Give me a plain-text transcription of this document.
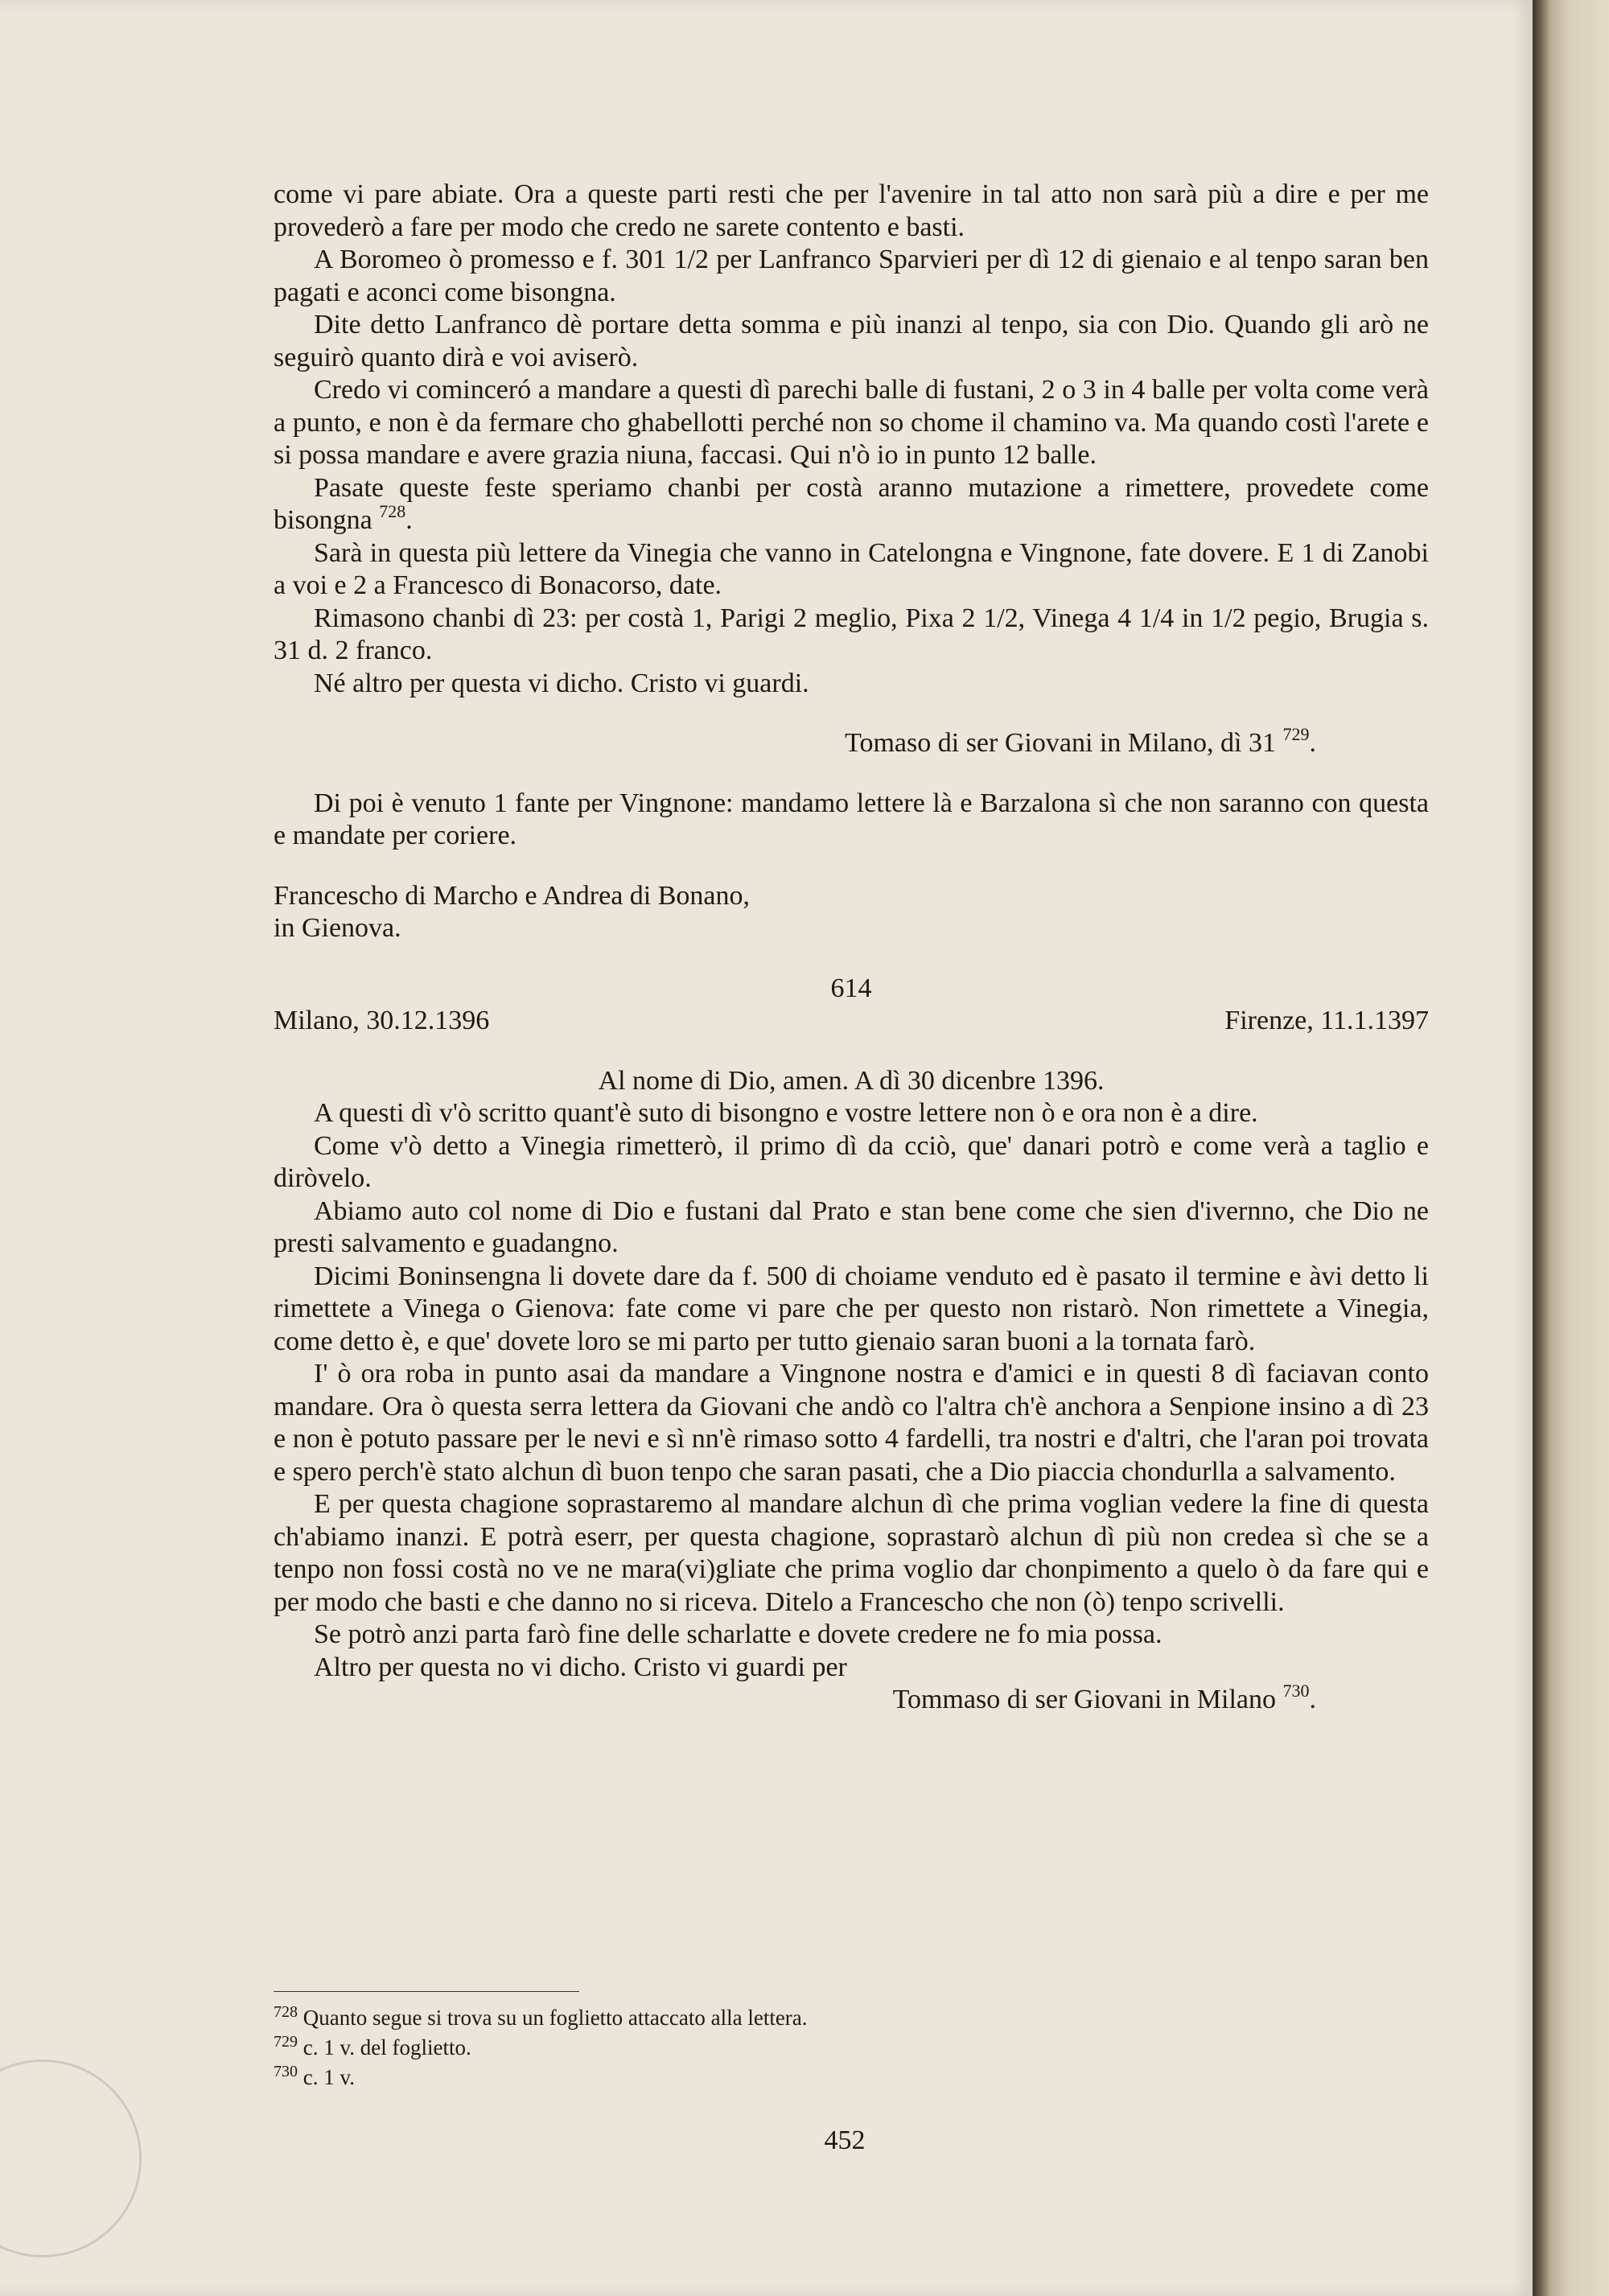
come vi pare abiate. Ora a queste parti resti che per l'avenire in tal atto non sarà più a dire e per me provederò a fare per modo che credo ne sarete contento e basti.

A Boromeo ò promesso e f. 301 1/2 per Lanfranco Sparvieri per dì 12 di gienaio e al tenpo saran ben pagati e aconci come bisongna.

Dite detto Lanfranco dè portare detta somma e più inanzi al tenpo, sia con Dio. Quando gli arò ne seguirò quanto dirà e voi aviserò.

Credo vi cominceró a mandare a questi dì parechi balle di fustani, 2 o 3 in 4 balle per volta come verà a punto, e non è da fermare cho ghabellotti perché non so chome il chamino va. Ma quando costì l'arete e si possa mandare e avere grazia niuna, faccasi. Qui n'ò io in punto 12 balle.

Pasate queste feste speriamo chanbi per costà aranno mutazione a rimettere, provedete come bisongna $^{728}$.

Sarà in questa più lettere da Vinegia che vanno in Catelongna e Vingnone, fate dovere. E 1 di Zanobi a voi e 2 a Francesco di Bonacorso, date.

Rimasono chanbi dì 23: per costà 1, Parigi 2 meglio, Pixa 2 1/2, Vinega 4 1/4 in 1/2 pegio, Brugia s. 31 d. 2 franco.

Né altro per questa vi dicho. Cristo vi guardi.

Tomaso di ser Giovani in Milano, dì 31 $^{729}$.

Di poi è venuto 1 fante per Vingnone: mandamo lettere là e Barzalona sì che non saranno con questa e mandate per coriere.

Francescho di Marcho e Andrea di Bonano,

in Gienova.

614

Milano, 30.12.1396	Firenze, 11.1.1397

Al nome di Dio, amen. A dì 30 dicenbre 1396.

A questi dì v'ò scritto quant'è suto di bisongno e vostre lettere non ò e ora non è a dire.

Come v'ò detto a Vinegia rimetterò, il primo dì da cciò, que' danari potrò e come verà a taglio e diròvelo.

Abiamo auto col nome di Dio e fustani dal Prato e stan bene come che sien d'ivernno, che Dio ne presti salvamento e guadangno.

Dicimi Boninsengna li dovete dare da f. 500 di choiame venduto ed è pasato il termine e àvi detto li rimettete a Vinega o Gienova: fate come vi pare che per questo non ristarò. Non rimettete a Vinegia, come detto è, e que' dovete loro se mi parto per tutto gienaio saran buoni a la tornata farò.

I' ò ora roba in punto asai da mandare a Vingnone nostra e d'amici e in questi 8 dì faciavan conto mandare. Ora ò questa serra lettera da Giovani che andò co l'altra ch'è anchora a Senpione insino a dì 23 e non è potuto passare per le nevi e sì nn'è rimaso sotto 4 fardelli, tra nostri e d'altri, che l'aran poi trovata e spero perch'è stato alchun dì buon tenpo che saran pasati, che a Dio piaccia chondurlla a salvamento.

E per questa chagione soprastaremo al mandare alchun dì che prima voglian vedere la fine di questa ch'abiamo inanzi. E potrà eserr, per questa chagione, soprastarò alchun dì più non credea sì che se a tenpo non fossi costà no ve ne mara(vi)gliate che prima voglio dar chonpimento a quelo ò da fare qui e per modo che basti e che danno no si riceva. Ditelo a Francescho che non (ò) tenpo scrivelli.

Se potrò anzi parta farò fine delle scharlatte e dovete credere ne fo mia possa.

Altro per questa no vi dicho. Cristo vi guardi per

Tommaso di ser Giovani in Milano $^{730}$.

$^{728}$ Quanto segue si trova su un foglietto attaccato alla lettera.
$^{729}$ c. 1 v. del foglietto.
$^{730}$ c. 1 v.
452
